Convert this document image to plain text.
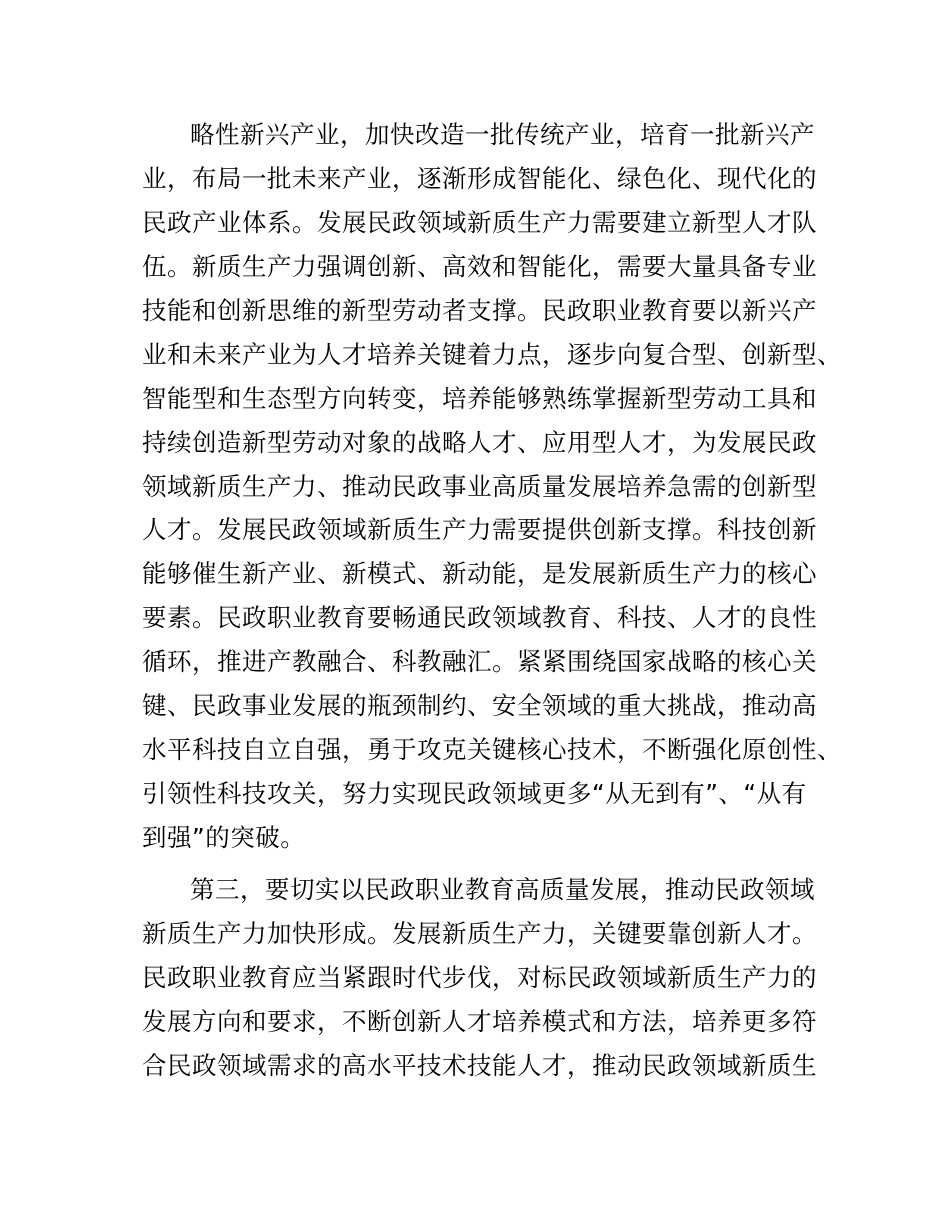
略性新兴产业，加快改造一批传统产业，培育一批新兴产
业，布局一批未来产业，逐渐形成智能化、绿色化、现代化的
民政产业体系。发展民政领域新质生产力需要建立新型人才队
伍。新质生产力强调创新、高效和智能化，需要大量具备专业
技能和创新思维的新型劳动者支撑。民政职业教育要以新兴产
业和未来产业为人才培养关键着力点，逐步向复合型、创新型、
智能型和生态型方向转变，培养能够熟练掌握新型劳动工具和
持续创造新型劳动对象的战略人才、应用型人才，为发展民政
领域新质生产力、推动民政事业高质量发展培养急需的创新型
人才。发展民政领域新质生产力需要提供创新支撑。科技创新
能够催生新产业、新模式、新动能，是发展新质生产力的核心
要素。民政职业教育要畅通民政领域教育、科技、人才的良性
循环，推进产教融合、科教融汇。紧紧围绕国家战略的核心关
键、民政事业发展的瓶颈制约、安全领域的重大挑战，推动高
水平科技自立自强，勇于攻克关键核心技术，不断强化原创性、
引领性科技攻关，努力实现民政领域更多“从无到有”、“从有
到强”的突破。
第三，要切实以民政职业教育高质量发展，推动民政领域
新质生产力加快形成。发展新质生产力，关键要靠创新人才。
民政职业教育应当紧跟时代步伐，对标民政领域新质生产力的
发展方向和要求，不断创新人才培养模式和方法，培养更多符
合民政领域需求的高水平技术技能人才，推动民政领域新质生
